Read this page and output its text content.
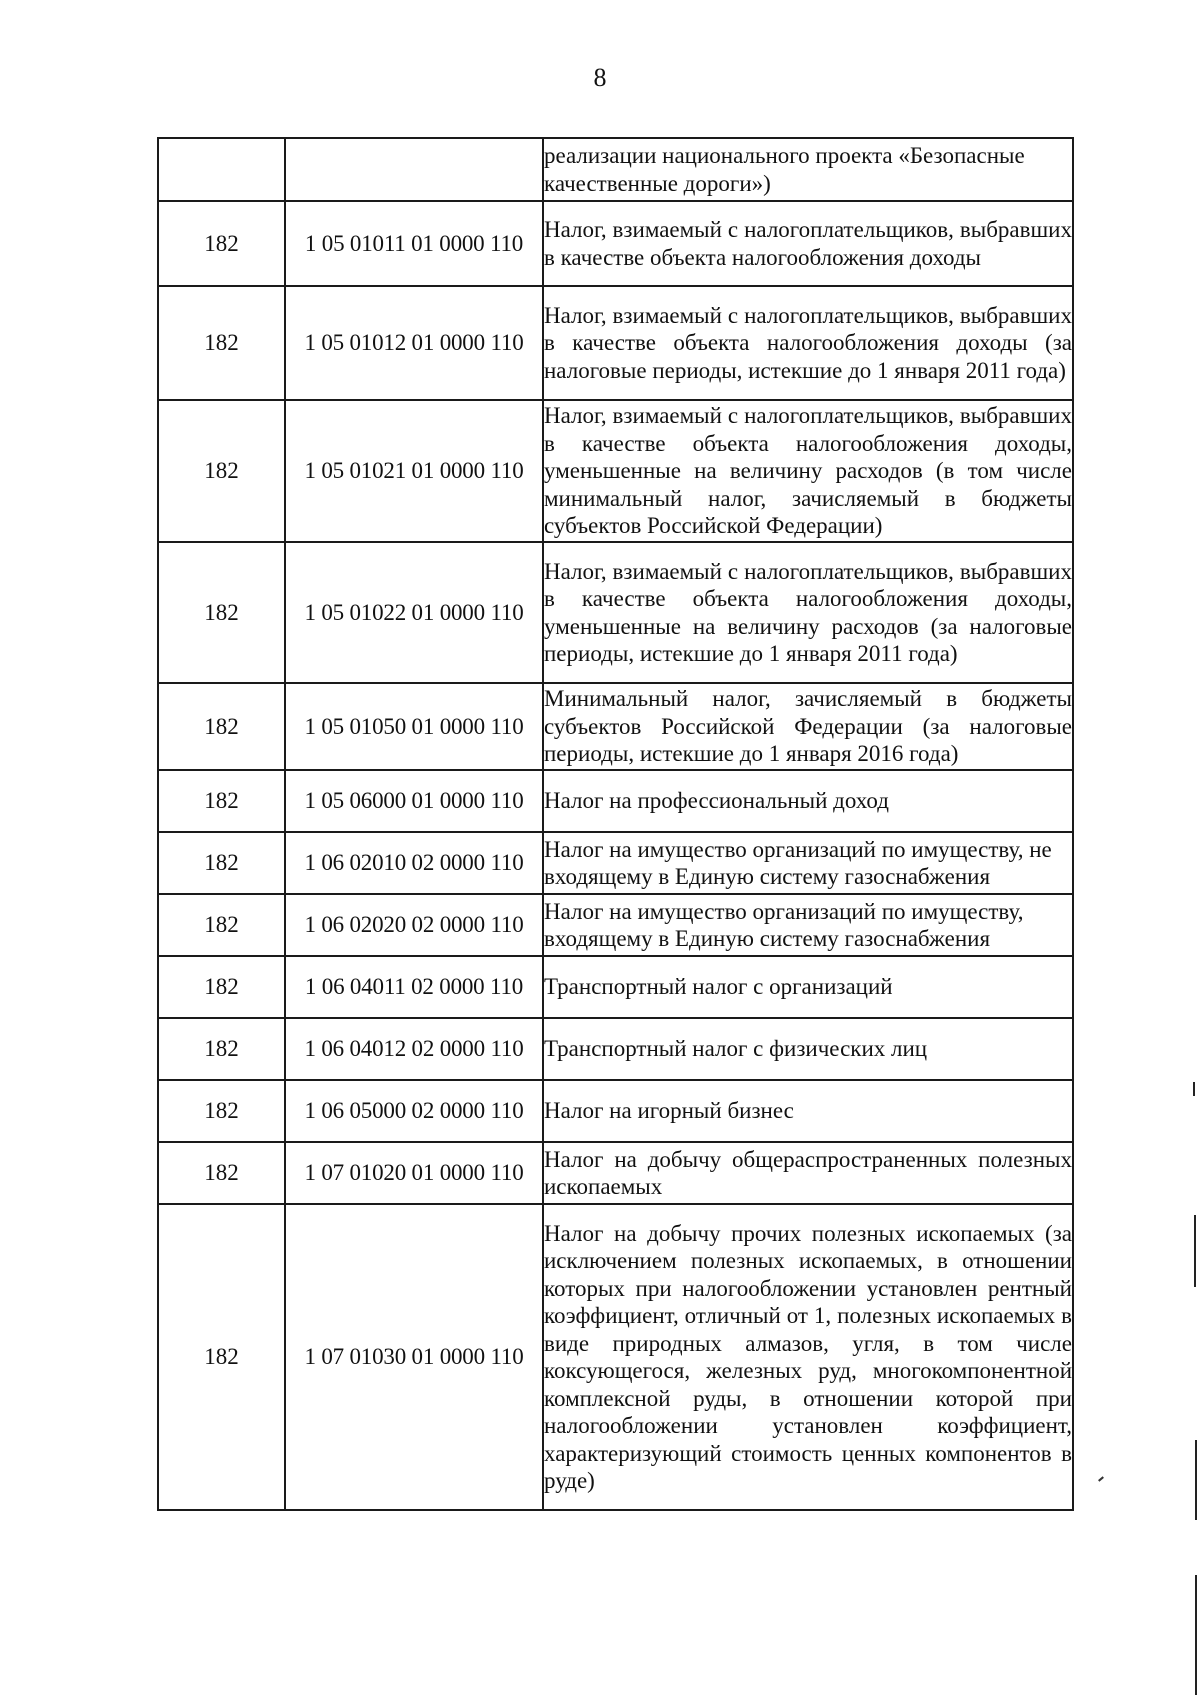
8
		реализации национального проекта «Безопасные качественные дороги»)
182	1 05 01011 01 0000 110	Налог, взимаемый с налогоплательщиков, выбравших в качестве объекта налогообложения доходы
182	1 05 01012 01 0000 110	Налог, взимаемый с налогоплательщиков, выбравших в качестве объекта налогообложения доходы (за налоговые периоды, истекшие до 1 января 2011 года)
182	1 05 01021 01 0000 110	Налог, взимаемый с налогоплательщиков, выбравших в качестве объекта налогообложения доходы, уменьшенные на величину расходов (в том числе минимальный налог, зачисляемый в бюджеты субъектов Российской Федерации)
182	1 05 01022 01 0000 110	Налог, взимаемый с налогоплательщиков, выбравших в качестве объекта налогообложения доходы, уменьшенные на величину расходов (за налоговые периоды, истекшие до 1 января 2011 года)
182	1 05 01050 01 0000 110	Минимальный налог, зачисляемый в бюджеты субъектов Российской Федерации (за налоговые периоды, истекшие до 1 января 2016 года)
182	1 05 06000 01 0000 110	Налог на профессиональный доход
182	1 06 02010 02 0000 110	Налог на имущество организаций по имуществу, не входящему в Единую систему газоснабжения
182	1 06 02020 02 0000 110	Налог на имущество организаций по имуществу, входящему в Единую систему газоснабжения
182	1 06 04011 02 0000 110	Транспортный налог с организаций
182	1 06 04012 02 0000 110	Транспортный налог с физических лиц
182	1 06 05000 02 0000 110	Налог на игорный бизнес
182	1 07 01020 01 0000 110	Налог на добычу общераспространенных полезных ископаемых
182	1 07 01030 01 0000 110	Налог на добычу прочих полезных ископаемых (за исключением полезных ископаемых, в отношении которых при налогообложении установлен рентный коэффициент, отличный от 1, полезных ископаемых в виде природных алмазов, угля, в том числе коксующегося, железных руд, многокомпонентной комплексной руды, в отношении которой при налогообложении установлен коэффициент, характеризующий стоимость ценных компонентов в руде)
